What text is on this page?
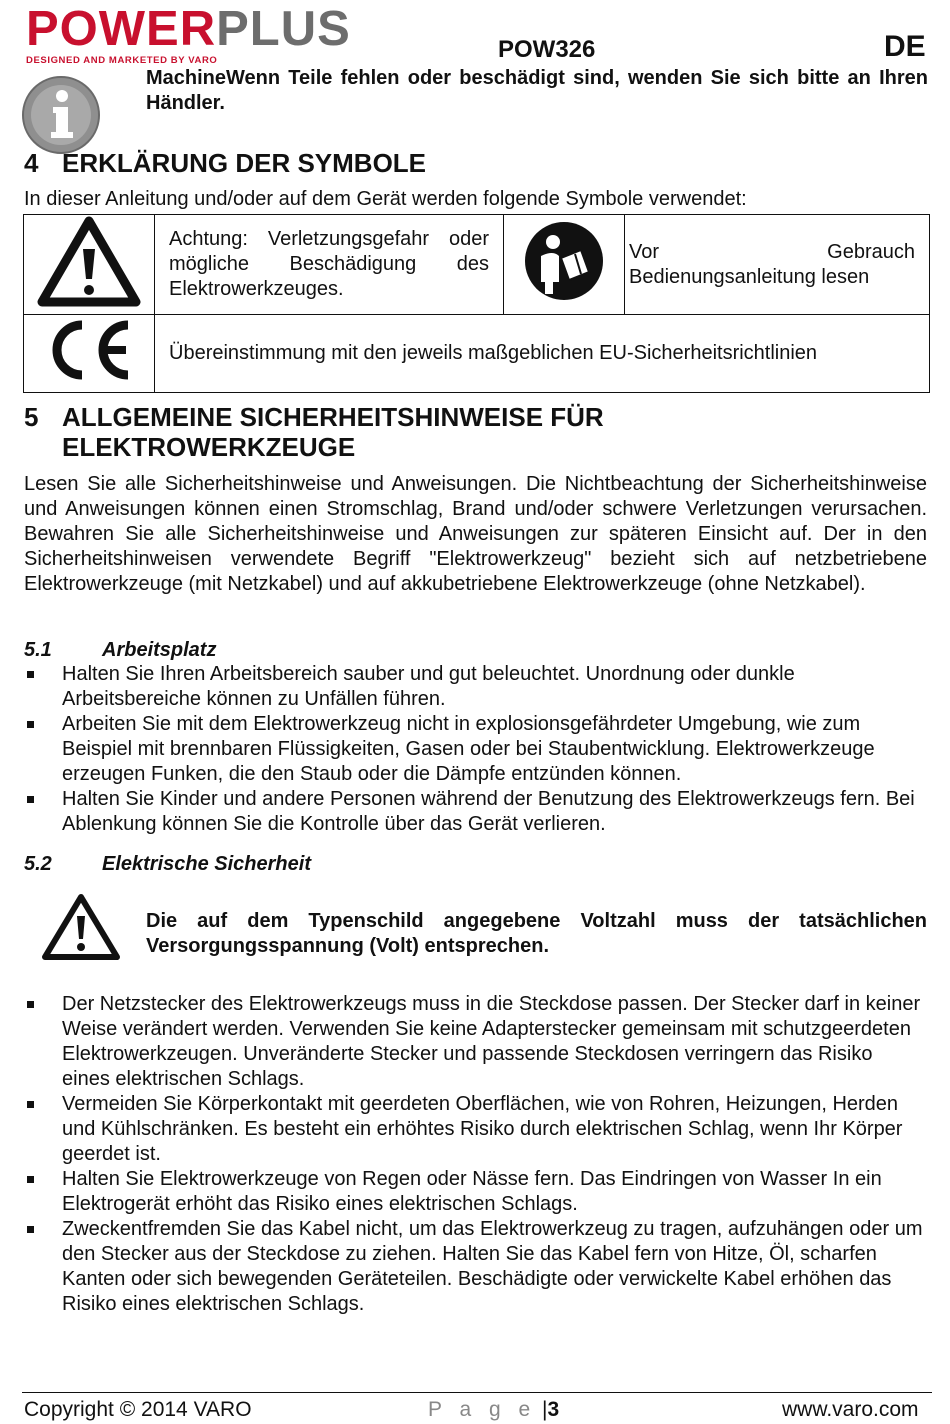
POWERPLUS
DESIGNED AND MARKETED BY VARO	POW326	DE
MachineWenn Teile fehlen oder beschädigt sind, wenden Sie sich bitte an Ihren Händler.
4 ERKLÄRUNG DER SYMBOLE
In dieser Anleitung und/oder auf dem Gerät werden folgende Symbole verwendet:

Achtung: Verletzungsgefahr oder mögliche Beschädigung des Elektrowerkzeuges.		Vor Gebrauch Bedienungsanleitung lesen

Übereinstimmung mit den jeweils maßgeblichen EU-Sicherheitsrichtlinien		
5 ALLGEMEINE SICHERHEITSHINWEISE FÜR
ELEKTROWERKZEUGE
Lesen Sie alle Sicherheitshinweise und Anweisungen. Die Nichtbeachtung der Sicherheitshinweise und Anweisungen können einen Stromschlag, Brand und/oder schwere Verletzungen verursachen. Bewahren Sie alle Sicherheitshinweise und Anweisungen zur späteren Einsicht auf. Der in den Sicherheitshinweisen verwendete Begriff "Elektrowerkzeug" bezieht sich auf netzbetriebene Elektrowerkzeuge (mit Netzkabel) und auf akkubetriebene Elektrowerkzeuge (ohne Netzkabel).
5.1	Arbeitsplatz
Halten Sie Ihren Arbeitsbereich sauber und gut beleuchtet. Unordnung oder dunkle Arbeitsbereiche können zu Unfällen führen.
Arbeiten Sie mit dem Elektrowerkzeug nicht in explosionsgefährdeter Umgebung, wie zum Beispiel mit brennbaren Flüssigkeiten, Gasen oder bei Staubentwicklung. Elektrowerkzeuge erzeugen Funken, die den Staub oder die Dämpfe entzünden können.
Halten Sie Kinder und andere Personen während der Benutzung des Elektrowerkzeugs fern. Bei Ablenkung können Sie die Kontrolle über das Gerät verlieren.
5.2	Elektrische Sicherheit
Die auf dem Typenschild angegebene Voltzahl muss der tatsächlichen Versorgungsspannung (Volt) entsprechen.
Der Netzstecker des Elektrowerkzeugs muss in die Steckdose passen. Der Stecker darf in keiner Weise verändert werden. Verwenden Sie keine Adapterstecker gemeinsam mit schutzgeerdeten Elektrowerkzeugen. Unveränderte Stecker und passende Steckdosen verringern das Risiko eines elektrischen Schlags.
Vermeiden Sie Körperkontakt mit geerdeten Oberflächen, wie von Rohren, Heizungen, Herden und Kühlschränken. Es besteht ein erhöhtes Risiko durch elektrischen Schlag, wenn Ihr Körper geerdet ist.
Halten Sie Elektrowerkzeuge von Regen oder Nässe fern. Das Eindringen von Wasser In ein Elektrogerät erhöht das Risiko eines elektrischen Schlags.
Zweckentfremden Sie das Kabel nicht, um das Elektrowerkzeug zu tragen, aufzuhängen oder um den Stecker aus der Steckdose zu ziehen. Halten Sie das Kabel fern von Hitze, Öl, scharfen Kanten oder sich bewegenden Geräteteilen. Beschädigte oder verwickelte Kabel erhöhen das Risiko eines elektrischen Schlags.
Copyright © 2014 VARO	P a g e |3	www.varo.com
